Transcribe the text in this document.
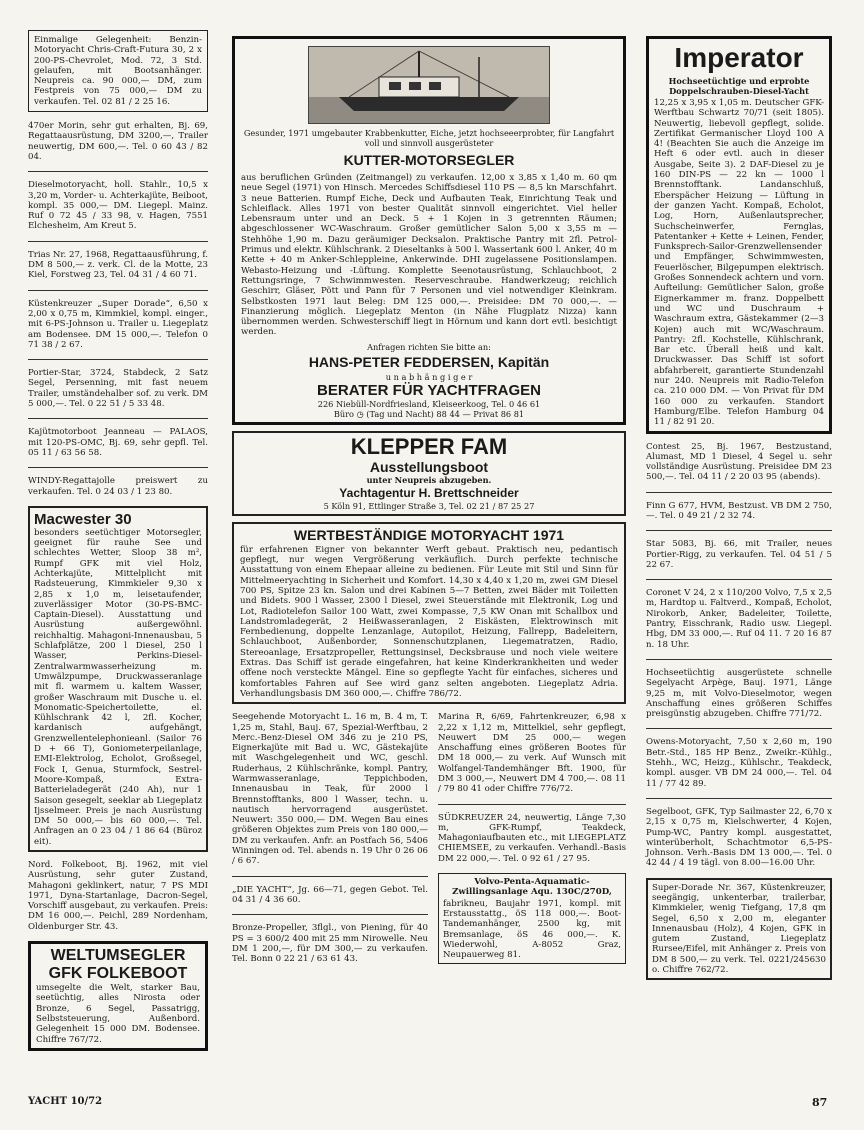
Einmalige Gelegenheit: Benzin-Motoryacht Chris-Craft-Futura 30, 2 x 200-PS-Chevrolet, Mod. 72, 3 Std. gelaufen, mit Bootsanhänger. Neupreis ca. 90 000,— DM, zum Festpreis von 75 000,— DM zu verkaufen. Tel. 02 81 / 2 25 16.
470er Morin, sehr gut erhalten, Bj. 69, Regattaausrüstung, DM 3200,—, Trailer neuwertig, DM 600,—. Tel. 0 60 43 / 82 04.
Dieselmotoryacht, holl. Stahlr., 10,5 x 3,20 m, Vorder- u. Achterkajüte, Beiboot, kompl. 35 000,— DM. Liegepl. Mainz. Ruf 0 72 45 / 33 98, v. Hagen, 7551 Elchesheim, Am Kreut 5.
Trias Nr. 27, 1968, Regattaausführung, f. DM 8 500,— z. verk. Cl. de la Motte, 23 Kiel, Forstweg 23, Tel. 04 31 / 4 60 71.
Küstenkreuzer „Super Dorade“, 6,50 x 2,00 x 0,75 m, Kimmkiel, kompl. einger., mit 6-PS-Johnson u. Trailer u. Liegeplatz am Bodensee. DM 15 000,—. Telefon 0 71 38 / 2 67.
Portier-Star, 3724, Stabdeck, 2 Satz Segel, Persenning, mit fast neuem Trailer, umständehalber sof. zu verk. DM 5 000,—. Tel. 0 22 51 / 5 33 48.
Kajütmotorboot Jeanneau — PALAOS, mit 120-PS-OMC, Bj. 69, sehr gepfl. Tel. 05 11 / 63 56 58.
WINDY-Regattajolle preiswert zu verkaufen. Tel. 0 24 03 / 1 23 80.
Macwester 30
besonders seetüchtiger Motorsegler, geeignet für rauhe See und schlechtes Wetter, Sloop 38 m², Rumpf GFK mit viel Holz, Achterkajüte, Mittelplicht mit Radsteuerung, Kimmkieler 9,30 x 2,85 x 1,0 m, leisetaufender, zuverlässiger Motor (30-PS-BMC-Captain-Diesel). Ausstattung und Ausrüstung außergewöhnl. reichhaltig. Mahagoni-Innenausbau, 5 Schlafplätze, 200 l Diesel, 250 l Wasser, Perkins-Diesel-Zentralwarmwasserheizung m. Umwälzpumpe, Druckwasseranlage mit fl. warmem u. kaltem Wasser, großer Waschraum mit Dusche u. el. Monomatic-Speichertoilette, el. Kühlschrank 42 l, 2fl. Kocher, kardanisch aufgehängt, Grenzwellentelephonieanl. (Sailor 76 D + 66 T), Goniometerpeilanlage, EMI-Elektrolog, Echolot, Großsegel, Fock I, Genua, Sturmfock, Sestrel-Moore-Kompaß, Extra-Batterieladegerät (240 Ah), nur 1 Saison gesegelt, seeklar ab Liegeplatz Ijsselmeer. Preis je nach Ausrüstung DM 50 000,— bis 60 000,—. Tel. Anfragen an 0 23 04 / 1 86 64 (Büroz eit).
Nord. Folkeboot, Bj. 1962, mit viel Ausrüstung, sehr guter Zustand, Mahagoni geklinkert, natur, 7 PS MDI 1971, Dyna-Startanlage, Dacron-Segel, Vorschiff ausgebaut, zu verkaufen. Preis: DM 16 000,—. Peichl, 289 Nordenham, Oldenburger Str. 43.
WELTUMSEGLER
GFK FOLKEBOOT
umsegelte die Welt, starker Bau, seetüchtig, alles Nirosta oder Bronze, 6 Segel, Passatrigg, Selbststeuerung, Außenbord. Gelegenheit 15 000 DM. Bodensee. Chiffre 767/72.
Gesunder, 1971 umgebauter Krabbenkutter, Eiche, jetzt hochseeerprobter, für Langfahrt voll und sinnvoll ausgerüsteter
KUTTER-MOTORSEGLER
aus beruflichen Gründen (Zeitmangel) zu verkaufen. 12,00 x 3,85 x 1,40 m. 60 qm neue Segel (1971) von Hinsch. Mercedes Schiffsdiesel 110 PS — 8,5 kn Marschfahrt. 3 neue Batterien. Rumpf Eiche, Deck und Aufbauten Teak, Einrichtung Teak und Schleiflack. Alles 1971 von bester Qualität sinnvoll eingerichtet. Viel heller Lebensraum unter und an Deck. 5 + 1 Kojen in 3 getrennten Räumen; abgeschlossener WC-Waschraum. Großer gemütlicher Salon 5,00 x 3,55 m — Stehhöhe 1,90 m. Dazu geräumiger Decksalon. Praktische Pantry mit 2fl. Petrol-Primus und elektr. Kühlschrank. 2 Dieseltanks à 500 l. Wassertank 600 l. Anker, 40 m Kette + 40 m Anker-Schleppleine, Ankerwinde. DHI zugelassene Positionslampen. Webasto-Heizung und -Lüftung. Komplette Seenotausrüstung, Schlauchboot, 2 Rettungsringe, 7 Schwimmwesten. Reserveschraube. Handwerkzeug; reichlich Geschirr, Gläser, Pött und Pann für 7 Personen und viel notwendiger Kleinkram. Selbstkosten 1971 laut Beleg: DM 125 000,—. Preisidee: DM 70 000,—. — Finanzierung möglich. Liegeplatz Menton (in Nähe Flugplatz Nizza) kann übernommen werden. Schwesterschiff liegt in Hörnum und kann dort evtl. besichtigt werden.
Anfragen richten Sie bitte an:
HANS-PETER FEDDERSEN, Kapitän
u n a b h ä n g i g e r
BERATER FÜR YACHTFRAGEN
226 Niebüll-Nordfriesland, Kleiseerkoog, Tel. 0 46 61
Büro ◷ (Tag und Nacht) 88 44 — Privat 86 81
KLEPPER FAM
Ausstellungsboot
unter Neupreis abzugeben.
Yachtagentur H. Brettschneider
5 Köln 91, Ettlinger Straße 3, Tel. 02 21 / 87 25 27
WERTBESTÄNDIGE MOTORYACHT 1971
für erfahrenen Eigner von bekannter Werft gebaut. Praktisch neu, pedantisch gepflegt, nur wegen Vergrößerung verkäuflich. Durch perfekte technische Ausstattung von einem Ehepaar alleine zu bedienen. Für Leute mit Stil und Sinn für Mittelmeeryachting in Sicherheit und Komfort. 14,30 x 4,40 x 1,20 m, zwei GM Diesel 700 PS, Spitze 23 kn. Salon und drei Kabinen 5—7 Betten, zwei Bäder mit Toiletten und Bidets. 900 l Wasser, 2300 l Diesel, zwei Steuerstände mit Elektronik, Log und Lot, Radiotelefon Sailor 100 Watt, zwei Kompasse, 7,5 KW Onan mit Schallbox und Landstromladegerät, 2 Heißwasseranlagen, 2 Eiskästen, Elektrowinsch mit Fernbedienung, doppelte Lenzanlage, Autopilot, Heizung, Fallrepp, Badeleitern, Schlauchboot, Außenborder, Sonnenschutzplanen, Liegematratzen, Radio, Stereoanlage, Ersatzpropeller, Rettungsinsel, Decksbrause und noch viele weitere Extras. Das Schiff ist gerade eingefahren, hat keine Kinderkrankheiten und weder offene noch versteckte Mängel. Eine so gepflegte Yacht für einfaches, sicheres und komfortables Fahren auf See wird ganz selten angeboten. Liegeplatz Adria. Verhandlungsbasis DM 360 000,—. Chiffre 786/72.
Seegehende Motoryacht L. 16 m, B. 4 m, T. 1,25 m, Stahl, Bauj. 67, Spezial-Werftbau, 2 Merc.-Benz-Diesel OM 346 zu je 210 PS, Eignerkajüte mit Bad u. WC, Gästekajüte mit Waschgelegenheit und WC, geschl. Ruderhaus, 2 Kühlschränke, kompl. Pantry, Warmwasseranlage, Teppichboden, Innenausbau in Teak, für 2000 l Brennstofftanks, 800 l Wasser, techn. u. nautisch hervorragend ausgerüstet. Neuwert: 350 000,— DM. Wegen Bau eines größeren Objektes zum Preis von 180 000,— DM zu verkaufen. Anfr. an Postfach 56, 5406 Winningen od. Tel. abends n. 19 Uhr 0 26 06 / 6 67.
„DIE YACHT“, Jg. 66—71, gegen Gebot. Tel. 04 31 / 4 36 60.
Bronze-Propeller, 3flgl., von Piening, für 40 PS = 3 600/2 400 mit 25 mm Nirowelle. Neu DM 1 200,—, für DM 300,— zu verkaufen. Tel. Bonn 0 22 21 / 63 61 43.
Marina R, 6/69, Fahrtenkreuzer, 6,98 x 2,22 x 1,12 m, Mittelkiel, sehr gepflegt, Neuwert DM 25 000,— wegen Anschaffung eines größeren Bootes für DM 18 000,— zu verk. Auf Wunsch mit Wolfangel-Tandemhänger Bft. 1900, für DM 3 000,—, Neuwert DM 4 700,—. 08 11 / 79 80 41 oder Chiffre 776/72.
SÜDKREUZER 24, neuwertig, Länge 7,30 m, GFK-Rumpf, Teakdeck, Mahagoniaufbauten etc., mit LIEGEPLATZ CHIEMSEE, zu verkaufen. Verhandl.-Basis DM 22 000,—. Tel. 0 92 61 / 27 95.
Volvo-Penta-Aquamatic-Zwillingsanlage Aqu. 130C/270D,
fabrikneu, Baujahr 1971, kompl. mit Erstausstattg., öS 118 000,—. Boot-Tandemanhänger, 2500 kg, mit Bremsanlage, öS 46 000,—. K. Wiederwohl, A-8052 Graz, Neupauerweg 81.
Imperator
Hochseetüchtige und erprobte Doppelschrauben-Diesel-Yacht
12,25 x 3,95 x 1,05 m. Deutscher GFK-Werftbau Schwartz 70/71 (seit 1805). Neuwertig, liebevoll gepflegt, solide. Zertifikat Germanischer Lloyd 100 A 4! (Beachten Sie auch die Anzeige im Heft 6 oder evtl. auch in dieser Ausgabe, Seite 3). 2 DAF-Diesel zu je 160 DIN-PS — 22 kn — 1000 l Brennstofftank. Landanschluß, Eberspächer Heizung — Lüftung in der ganzen Yacht. Kompaß, Echolot, Log, Horn, Außenlautsprecher, Suchscheinwerfer, Fernglas, Patentanker + Kette + Leinen, Fender, Funksprech-Sailor-Grenzwellensender und Empfänger, Schwimmwesten, Feuerlöscher, Bilgepumpen elektrisch. Großes Sonnendeck achtern und vorn. Aufteilung: Gemütlicher Salon, große Eignerkammer m. franz. Doppelbett und WC und Duschraum + Waschraum extra, Gästekammer (2—3 Kojen) auch mit WC/Waschraum. Pantry: 2fl. Kochstelle, Kühlschrank, Bar etc. Überall heiß und kalt. Druckwasser. Das Schiff ist sofort abfahrbereit, garantierte Stundenzahl nur 240. Neupreis mit Radio-Telefon ca. 210 000 DM. — Von Privat für DM 160 000 zu verkaufen. Standort Hamburg/Elbe. Telefon Hamburg 04 11 / 82 91 20.
Contest 25, Bj. 1967, Bestzustand, Alumast, MD 1 Diesel, 4 Segel u. sehr vollständige Ausrüstung. Preisidee DM 23 500,—. Tel. 04 11 / 2 20 03 95 (abends).
Finn G 677, HVM, Bestzust. VB DM 2 750,—. Tel. 0 49 21 / 2 32 74.
Star 5083, Bj. 66, mit Trailer, neues Portier-Rigg, zu verkaufen. Tel. 04 51 / 5 22 67.
Coronet V 24, 2 x 110/200 Volvo, 7,5 x 2,5 m, Hardtop u. Faltverd., Kompaß, Echolot, Nirokorb, Anker, Badeleiter, Toilette, Pantry, Eisschrank, Radio usw. Liegepl. Hbg, DM 33 000,—. Ruf 04 11. 7 20 16 87 n. 18 Uhr.
Hochseetüchtig ausgerüstete schnelle Segelyacht Arpège, Bauj. 1971, Länge 9,25 m, mit Volvo-Dieselmotor, wegen Anschaffung eines größeren Schiffes preisgünstig abzugeben. Chiffre 771/72.
Owens-Motoryacht, 7,50 x 2,60 m, 190 Betr.-Std., 185 HP Benz., Zweikr.-Kühlg., Stehh., WC, Heizg., Kühlschr., Teakdeck, kompl. ausger. VB DM 24 000,—. Tel. 04 11 / 77 42 89.
Segelboot, GFK, Typ Sailmaster 22, 6,70 x 2,15 x 0,75 m, Kielschwerter, 4 Kojen, Pump-WC, Pantry kompl. ausgestattet, winterüberholt, Schachtmotor 6,5-PS-Johnson. Verh.-Basis DM 13 000,—. Tel. 0 42 44 / 4 19 tägl. von 8.00—16.00 Uhr.
Super-Dorade Nr. 367, Küstenkreuzer, seegängig, unkenterbar, trailerbar, Kimmkieler, wenig Tiefgang, 17,8 qm Segel, 6,50 x 2,00 m, eleganter Innenausbau (Holz), 4 Kojen, GFK in gutem Zustand, Liegeplatz Rursee/Eifel, mit Anhänger z. Preis von DM 8 500,— zu verk. Tel. 0221/245630 o. Chiffre 762/72.
YACHT 10/72	87
